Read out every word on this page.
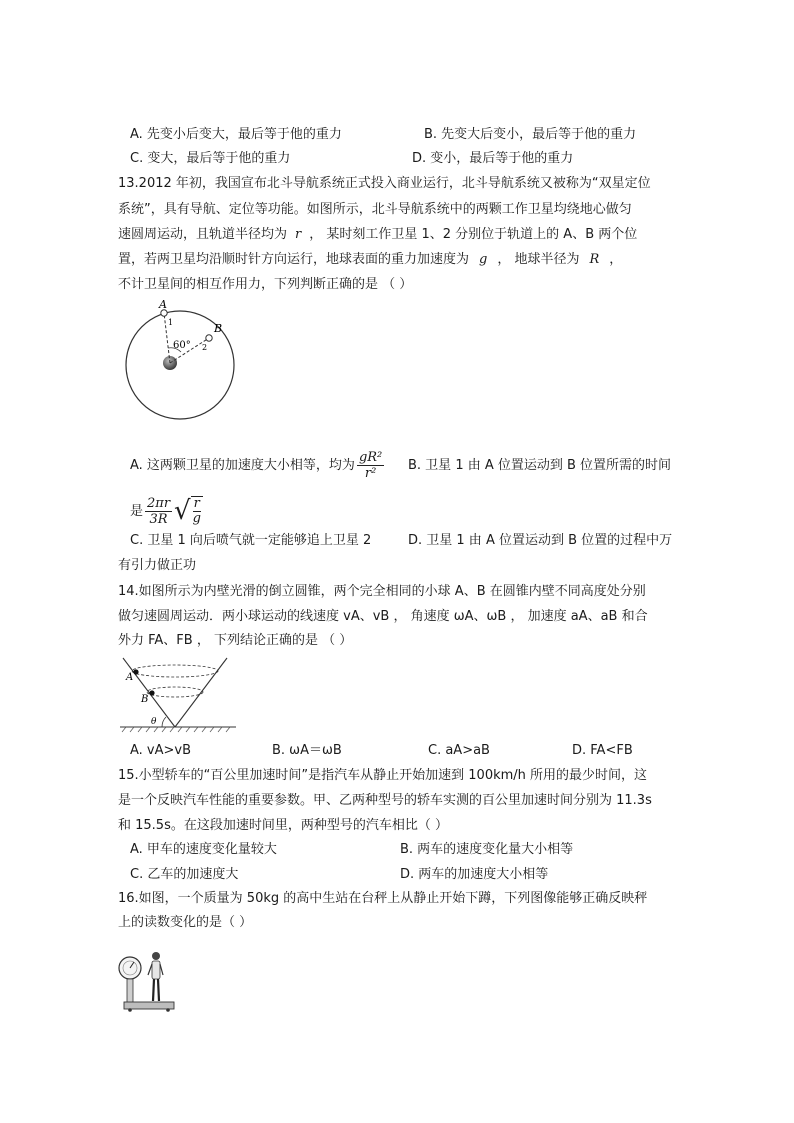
A. 先变小后变大，最后等于他的重力	B. 先变大后变小，最后等于他的重力
C. 变大，最后等于他的重力	D. 变小，最后等于他的重力
13.2012 年初，我国宣布北斗导航系统正式投入商业运行，北斗导航系统又被称为“双星定位
系统”，具有导航、定位等功能。如图所示，北斗导航系统中的两颗工作卫星均绕地心做匀
速圆周运动，且轨道半径均为 r ， 某时刻工作卫星 1、2 分别位于轨道上的 A、B 两个位
置，若两卫星均沿顺时针方向运行，地球表面的重力加速度为 g ， 地球半径为 R ，
不计卫星间的相互作用力，下列判断正确的是 （ ）
A
B
1
2
60°
A. 这两颗卫星的加速度大小相等，均为 $\frac{\text{gR²}}{\text{r²}} B$. 卫星 1 由 A 位置运动到 B 位置所需的时间
是 $\frac{2\pi r}{3R}$ √ $\frac{r}{g}$
C. 卫星 1 向后喷气就一定能够追上卫星 2	D. 卫星 1 由 A 位置运动到 B 位置的过程中万
有引力做正功
14.如图所示为内壁光滑的倒立圆锥，两个完全相同的小球 A、B 在圆锥内壁不同高度处分别
做匀速圆周运动．两小球运动的线速度 vA、vB ， 角速度 ωA、ωB ， 加速度 aA、aB 和合
外力 FA、FB ， 下列结论正确的是 （ ）
A
B
θ
A. vA>vB	B. ωA＝ωB	C. aA>aB	D. FA<FB
15.小型轿车的“百公里加速时间”是指汽车从静止开始加速到 100km/h 所用的最少时间，这
是一个反映汽车性能的重要参数。甲、乙两种型号的轿车实测的百公里加速时间分别为 11.3s
和 15.5s。在这段加速时间里，两种型号的汽车相比（ ）
A. 甲车的速度变化量较大	B. 两车的速度变化量大小相等
C. 乙车的加速度大	D. 两车的加速度大小相等
16.如图，一个质量为 50kg 的高中生站在台秤上从静止开始下蹲，下列图像能够正确反映秤
上的读数变化的是（ ）
